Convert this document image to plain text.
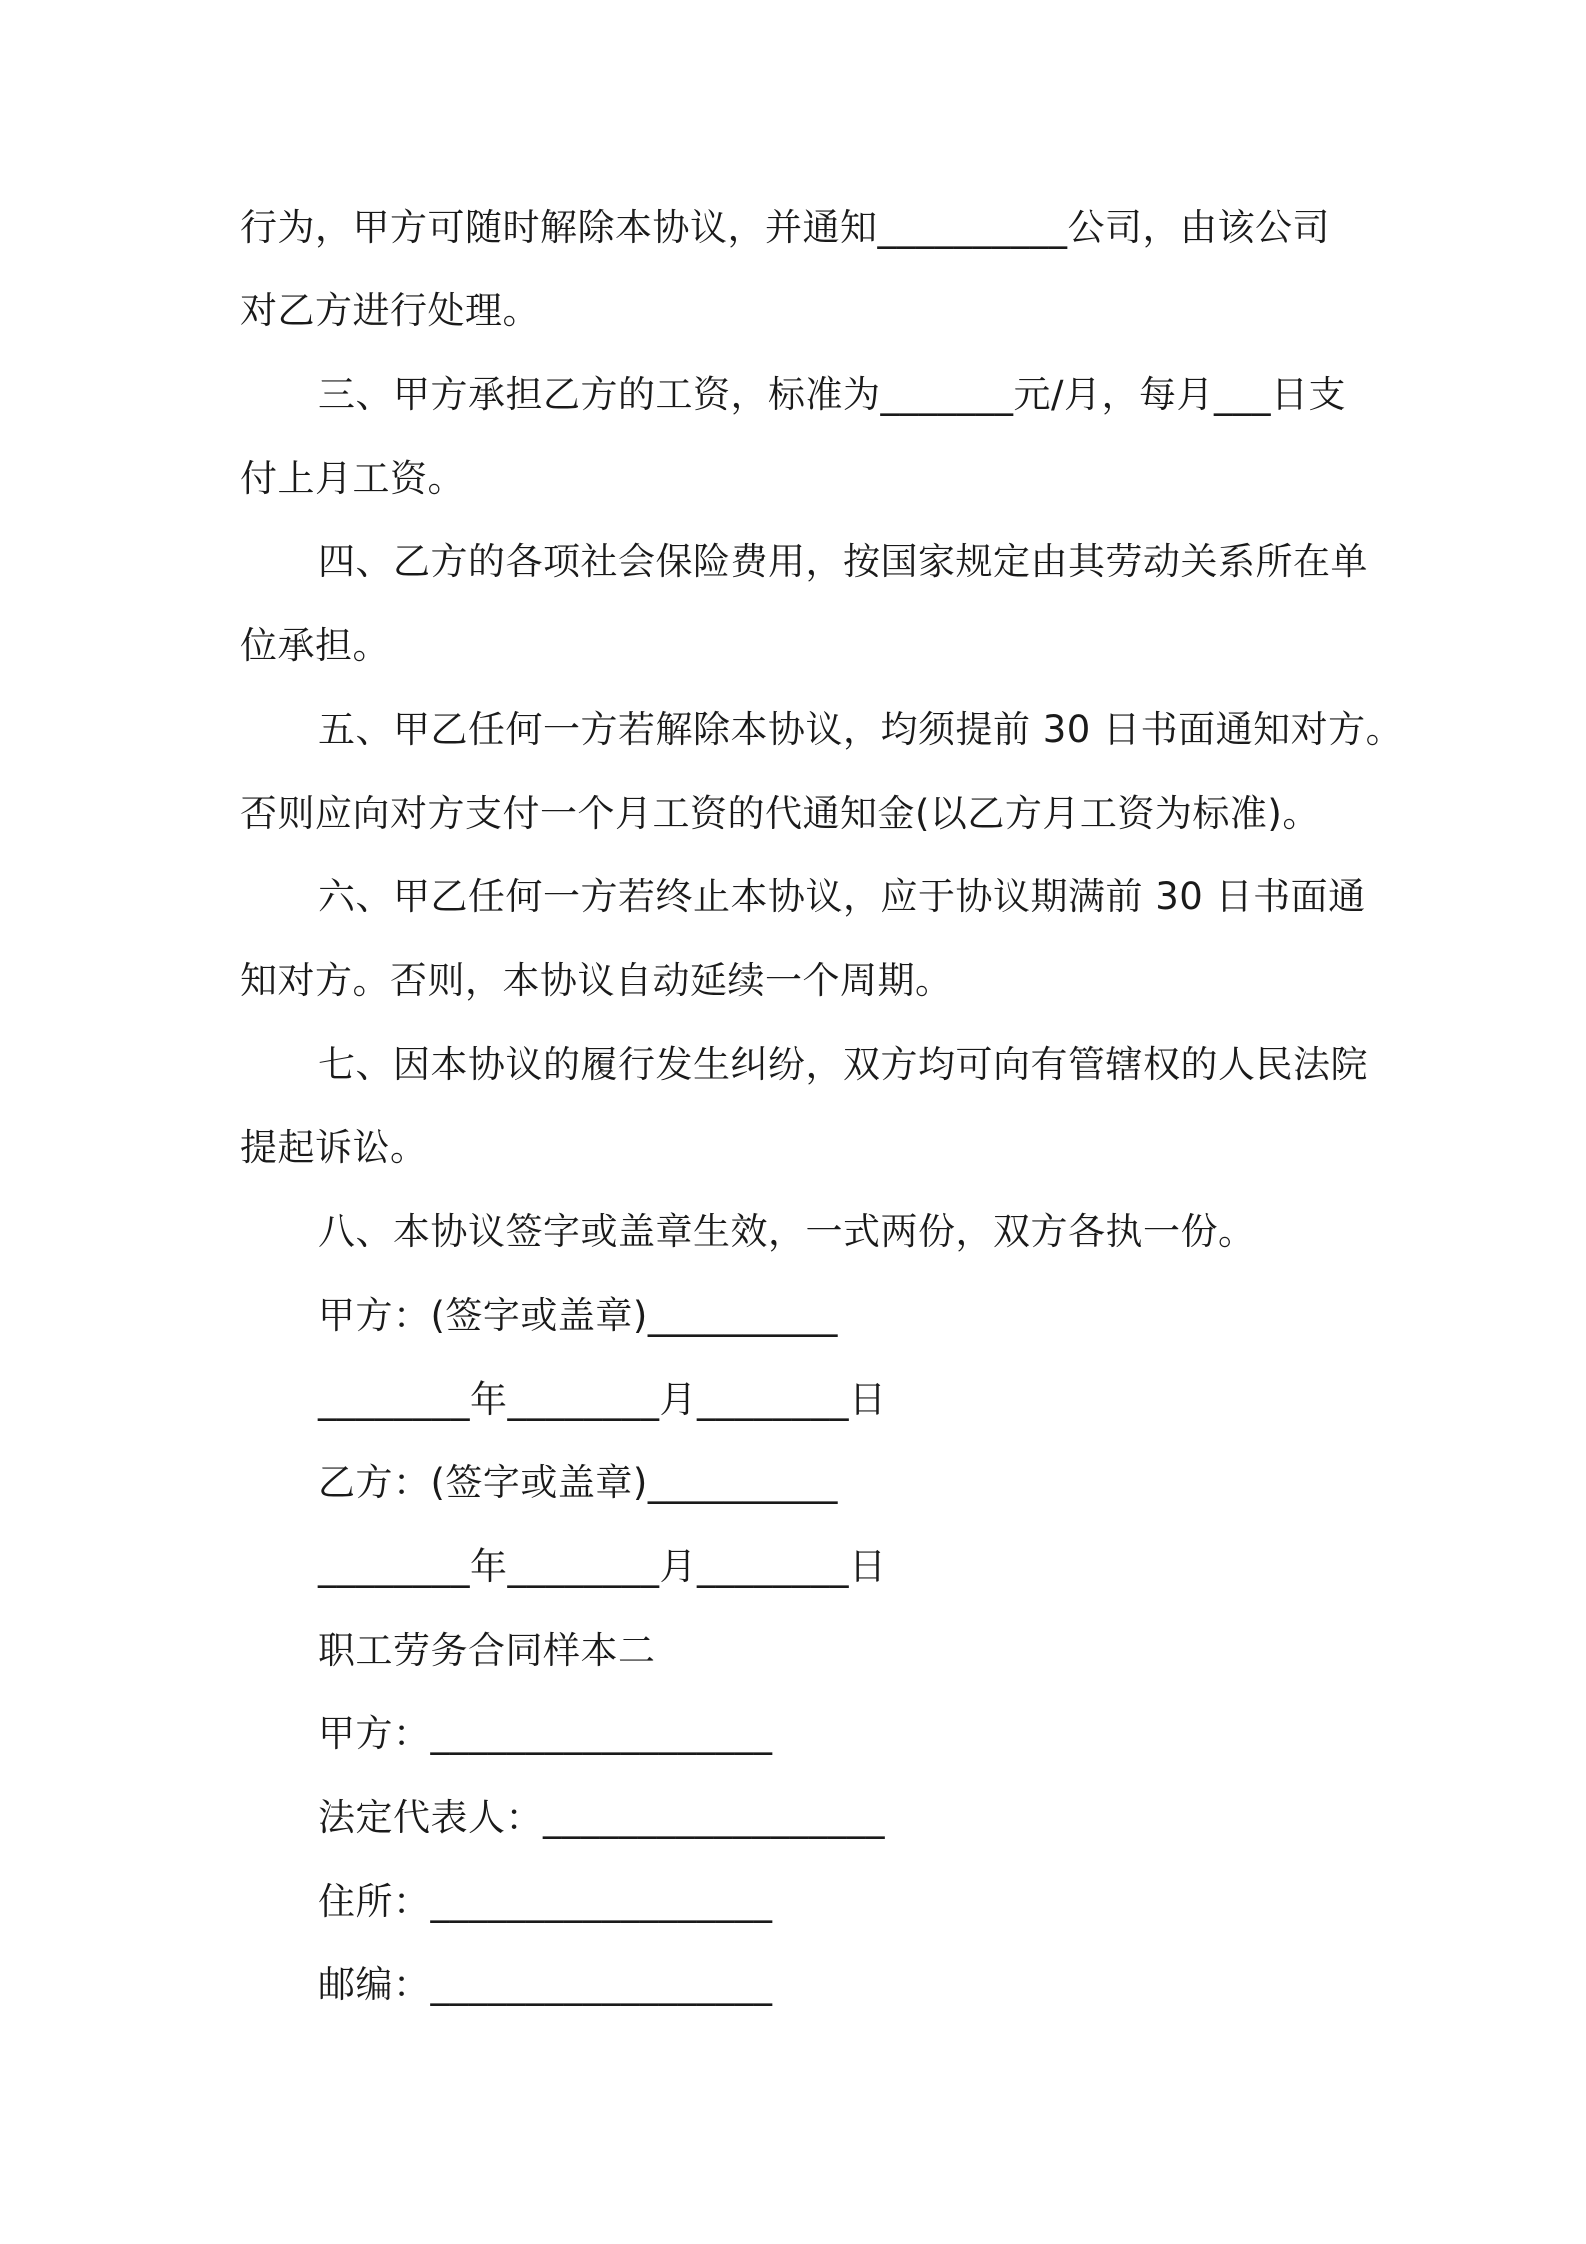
行为，甲方可随时解除本协议，并通知__________公司，由该公司
对乙方进行处理。
三、甲方承担乙方的工资，标准为_______元/月，每月___日支
付上月工资。
四、乙方的各项社会保险费用，按国家规定由其劳动关系所在单
位承担。
五、甲乙任何一方若解除本协议，均须提前 30 日书面通知对方。
否则应向对方支付一个月工资的代通知金(以乙方月工资为标准)。
六、甲乙任何一方若终止本协议，应于协议期满前 30 日书面通
知对方。否则，本协议自动延续一个周期。
七、因本协议的履行发生纠纷，双方均可向有管辖权的人民法院
提起诉讼。
八、本协议签字或盖章生效，一式两份，双方各执一份。
甲方：(签字或盖章)__________
________年________月________日
乙方：(签字或盖章)__________
________年________月________日
职工劳务合同样本二
甲方：__________________
法定代表人：__________________
住所：__________________
邮编：__________________
